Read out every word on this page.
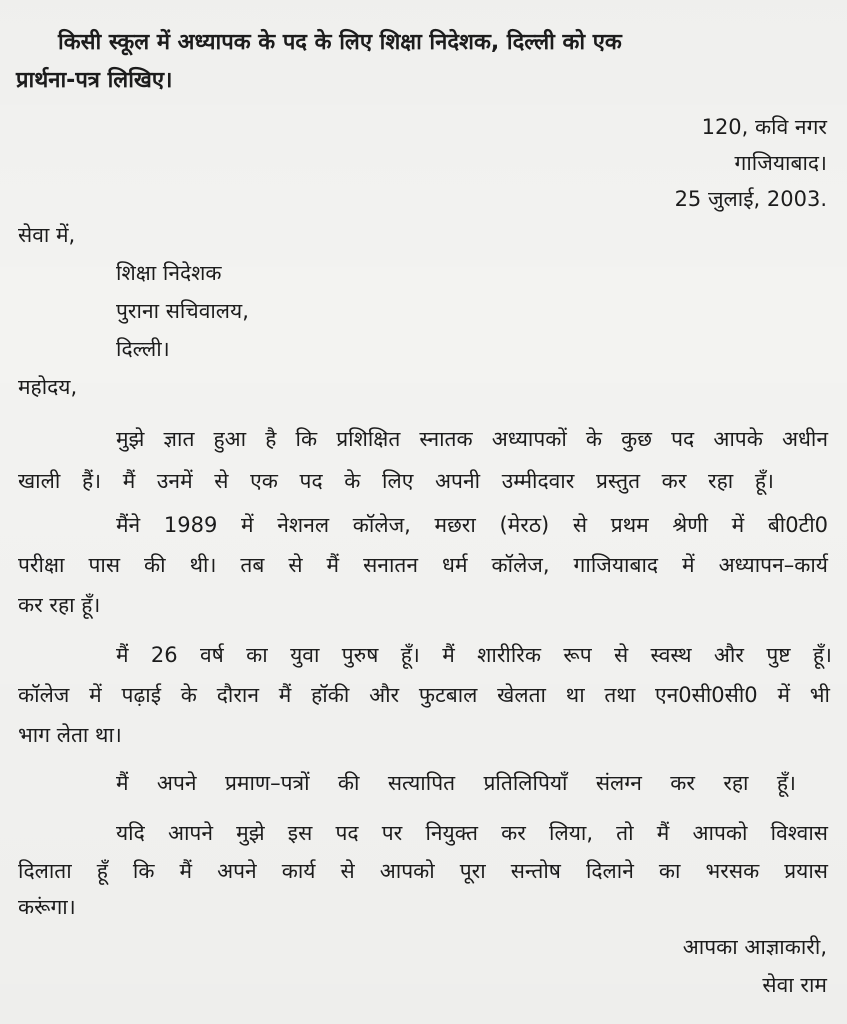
किसी स्कूल में अध्यापक के पद के लिए शिक्षा निदेशक, दिल्ली को एक
प्रार्थना-पत्र लिखिए।
120, कवि नगर
गाजियाबाद।
25 जुलाई, 2003.
सेवा में,
शिक्षा निदेशक
पुराना सचिवालय,
दिल्ली।
महोदय,
मुझे ज्ञात हुआ है कि प्रशिक्षित स्नातक अध्यापकों के कुछ पद आपके अधीन
खाली हैं। मैं उनमें से एक पद के लिए अपनी उम्मीदवार प्रस्तुत कर रहा हूँ।
मैंने 1989 में नेशनल कॉलेज, मछरा (मेरठ) से प्रथम श्रेणी में बी0टी0
परीक्षा पास की थी। तब से मैं सनातन धर्म कॉलेज, गाजियाबाद में अध्यापन–कार्य
कर रहा हूँ।
मैं 26 वर्ष का युवा पुरुष हूँ। मैं शारीरिक रूप से स्वस्थ और पुष्ट हूँ।
कॉलेज में पढ़ाई के दौरान मैं हॉकी और फुटबाल खेलता था तथा एन0सी0सी0 में भी
भाग लेता था।
मैं अपने प्रमाण–पत्रों की सत्यापित प्रतिलिपियाँ संलग्न कर रहा हूँ।
यदि आपने मुझे इस पद पर नियुक्त कर लिया, तो मैं आपको विश्वास
दिलाता हूँ कि मैं अपने कार्य से आपको पूरा सन्तोष दिलाने का भरसक प्रयास
करूंगा।
आपका आज्ञाकारी,
सेवा राम
